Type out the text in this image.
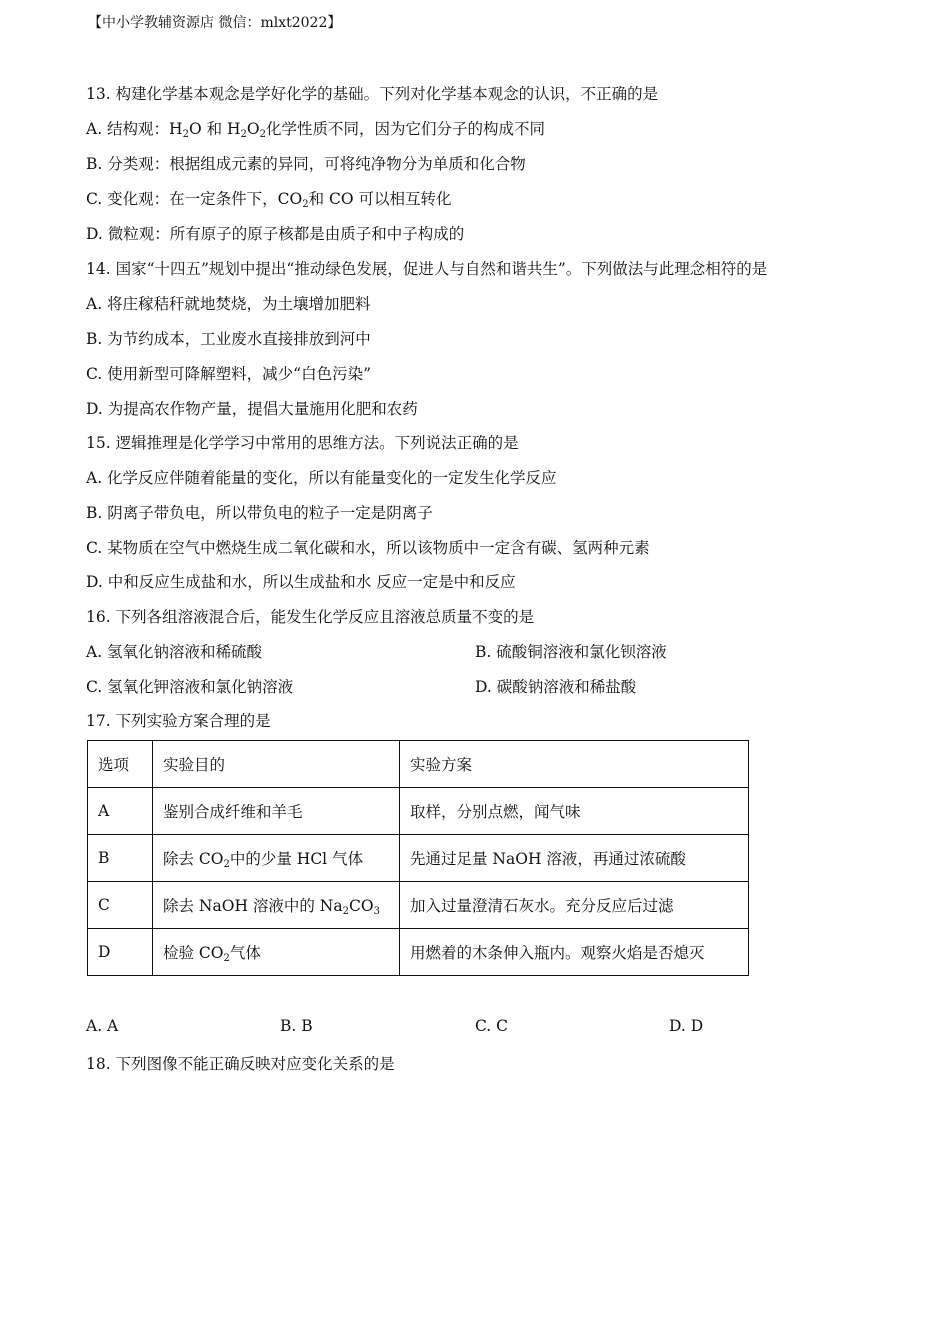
【中小学教辅资源店 微信：mlxt2022】
13. 构建化学基本观念是学好化学的基础。下列对化学基本观念的认识，不正确的是
A. 结构观：$H_2O$ 和 $H_2O_2$化学性质不同，因为它们分子的构成不同
B. 分类观：根据组成元素的异同，可将纯净物分为单质和化合物
C. 变化观：在一定条件下，$CO_2$和 CO 可以相互转化
D. 微粒观：所有原子的原子核都是由质子和中子构成的
14. 国家“十四五”规划中提出“推动绿色发展，促进人与自然和谐共生”。下列做法与此理念相符的是
A. 将庄稼秸秆就地焚烧，为土壤增加肥料
B. 为节约成本，工业废水直接排放到河中
C. 使用新型可降解塑料，减少“白色污染”
D. 为提高农作物产量，提倡大量施用化肥和农药
15. 逻辑推理是化学学习中常用的思维方法。下列说法正确的是
A. 化学反应伴随着能量的变化，所以有能量变化的一定发生化学反应
B. 阴离子带负电，所以带负电的粒子一定是阴离子
C. 某物质在空气中燃烧生成二氧化碳和水，所以该物质中一定含有碳、氢两种元素
D. 中和反应生成盐和水，所以生成盐和水 反应一定是中和反应
16. 下列各组溶液混合后，能发生化学反应且溶液总质量不变的是
A. 氢氧化钠溶液和稀硫酸	B. 硫酸铜溶液和氯化钡溶液
C. 氢氧化钾溶液和氯化钠溶液	D. 碳酸钠溶液和稀盐酸
17. 下列实验方案合理的是
选项	实验目的	实验方案
A	鉴别合成纤维和羊毛	取样，分别点燃，闻气味
B	除去 $CO_2$中的少量 HCl 气体	先通过足量 NaOH 溶液，再通过浓硫酸
C	除去 NaOH 溶液中的 $Na_2CO_3$	加入过量澄清石灰水。充分反应后过滤
D	检验 $CO_2$气体	用燃着的木条伸入瓶内。观察火焰是否熄灭
A. A	B. B	C. C	D. D
18. 下列图像不能正确反映对应变化关系的是
